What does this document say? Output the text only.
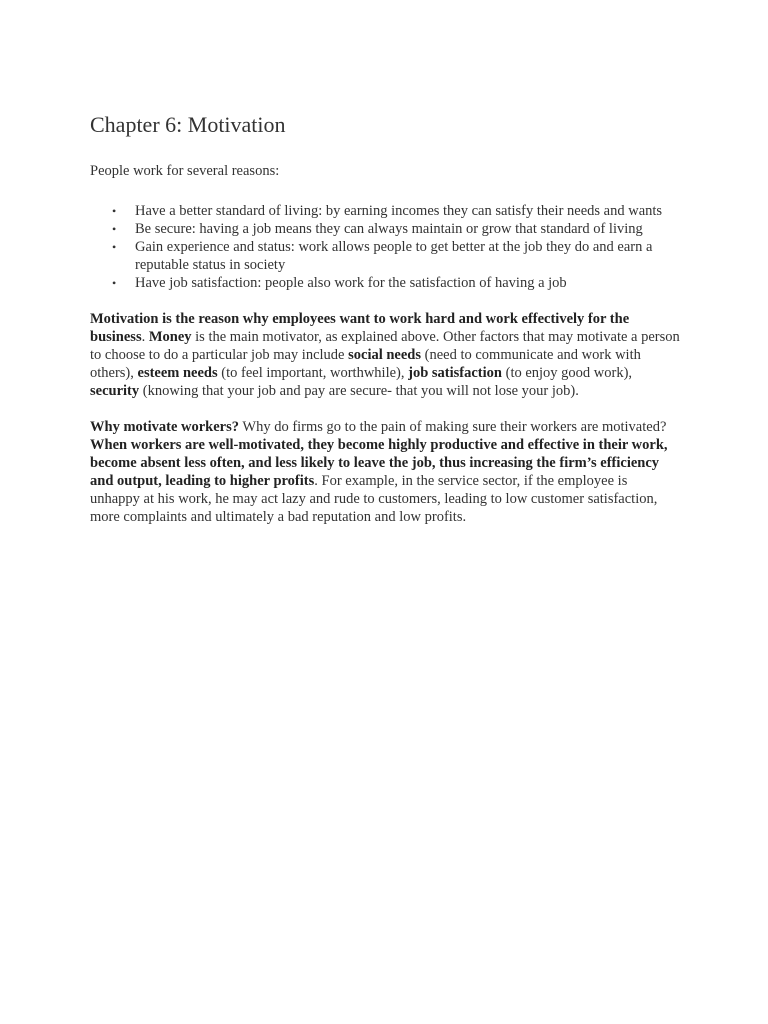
Chapter 6: Motivation

People work for several reasons:

• Have a better standard of living: by earning incomes they can satisfy their needs and wants
• Be secure: having a job means they can always maintain or grow that standard of living
• Gain experience and status: work allows people to get better at the job they do and earn a reputable status in society
• Have job satisfaction: people also work for the satisfaction of having a job

Motivation is the reason why employees want to work hard and work effectively for the business. Money is the main motivator, as explained above. Other factors that may motivate a person to choose to do a particular job may include social needs (need to communicate and work with others), esteem needs (to feel important, worthwhile), job satisfaction (to enjoy good work), security (knowing that your job and pay are secure- that you will not lose your job).

Why motivate workers? Why do firms go to the pain of making sure their workers are motivated? When workers are well-motivated, they become highly productive and effective in their work, become absent less often, and less likely to leave the job, thus increasing the firm’s efficiency and output, leading to higher profits. For example, in the service sector, if the employee is unhappy at his work, he may act lazy and rude to customers, leading to low customer satisfaction, more complaints and ultimately a bad reputation and low profits.
